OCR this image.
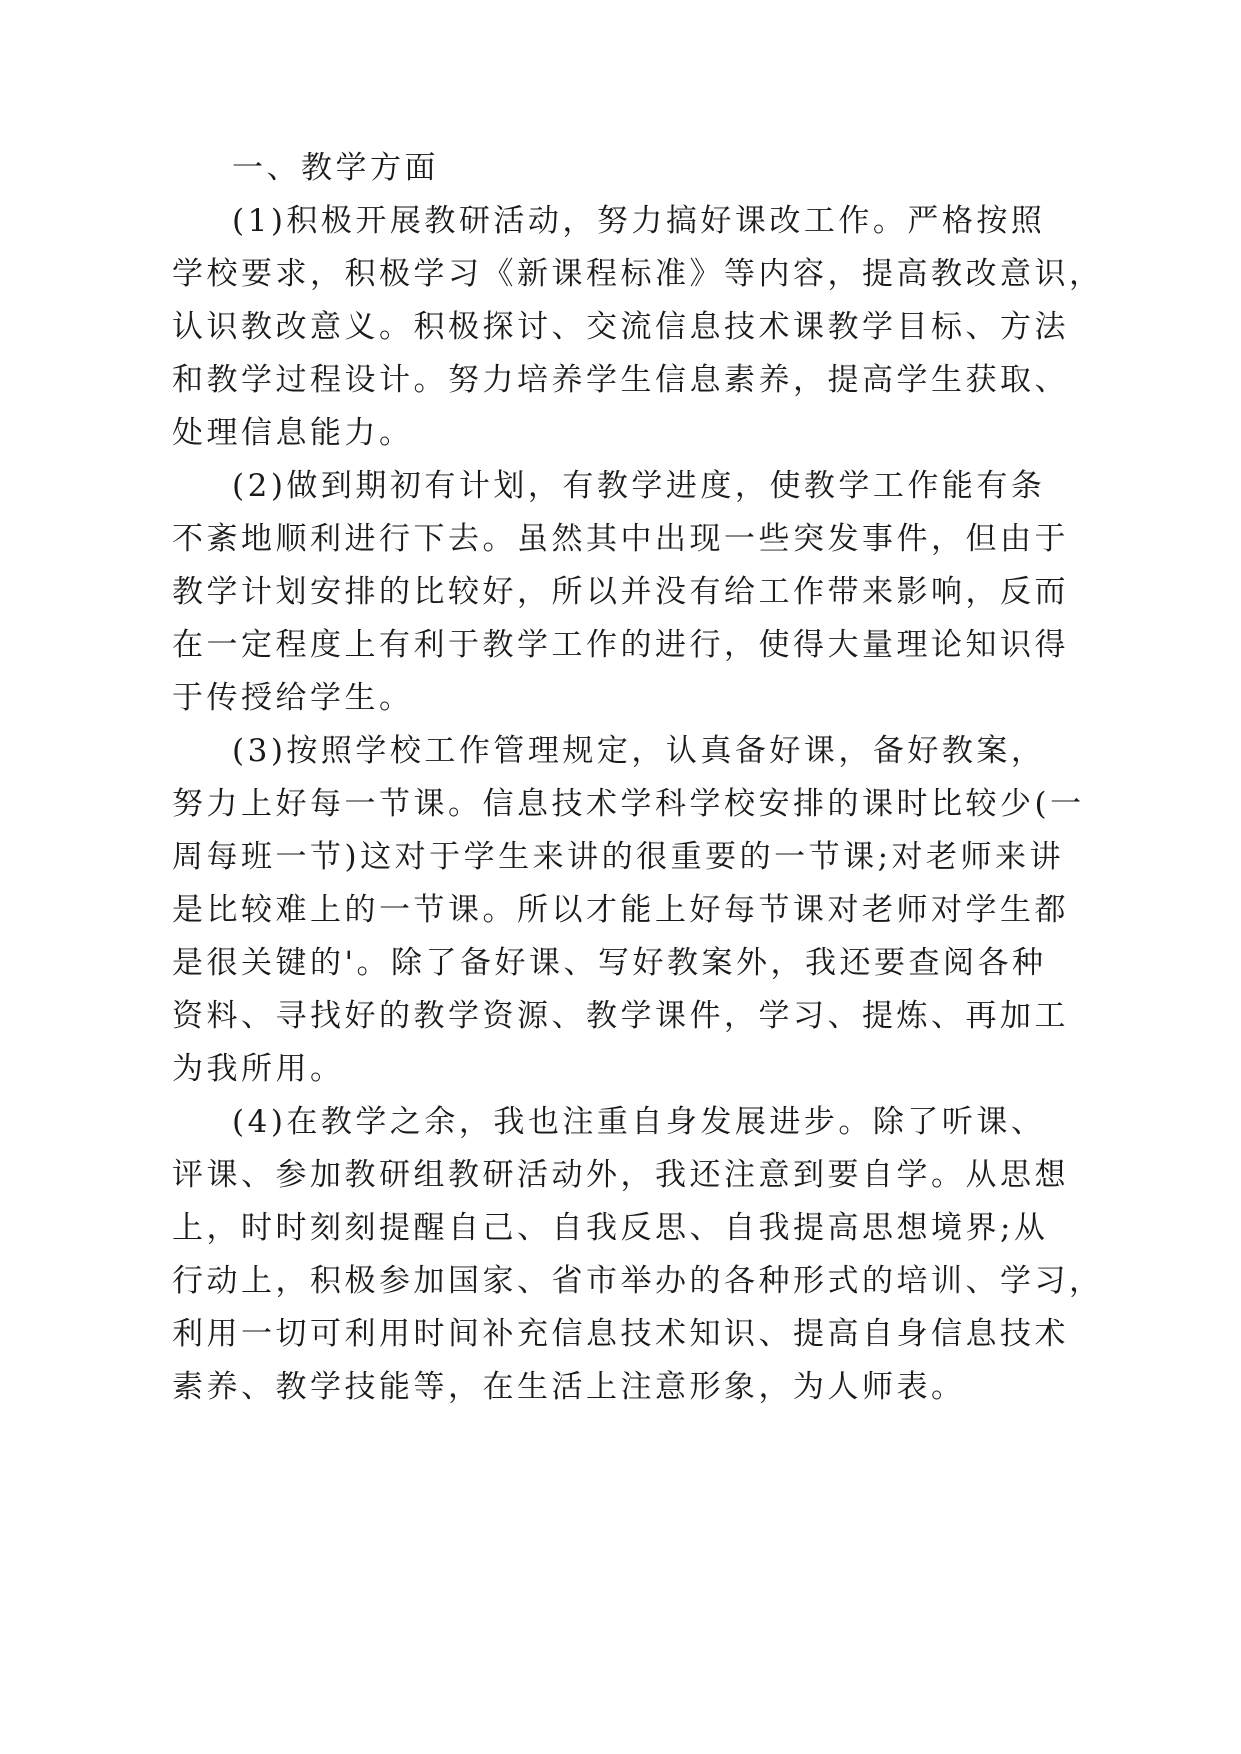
一、教学方面

(1)积极开展教研活动，努力搞好课改工作。严格按照

学校要求，积极学习《新课程标准》等内容，提高教改意识，

认识教改意义。积极探讨、交流信息技术课教学目标、方法

和教学过程设计。努力培养学生信息素养，提高学生获取、

处理信息能力。

(2)做到期初有计划，有教学进度，使教学工作能有条

不紊地顺利进行下去。虽然其中出现一些突发事件，但由于

教学计划安排的比较好，所以并没有给工作带来影响，反而

在一定程度上有利于教学工作的进行，使得大量理论知识得

于传授给学生。

(3)按照学校工作管理规定，认真备好课，备好教案，

努力上好每一节课。信息技术学科学校安排的课时比较少(一

周每班一节)这对于学生来讲的很重要的一节课;对老师来讲

是比较难上的一节课。所以才能上好每节课对老师对学生都

是很关键的'。除了备好课、写好教案外，我还要查阅各种

资料、寻找好的教学资源、教学课件，学习、提炼、再加工

为我所用。

(4)在教学之余，我也注重自身发展进步。除了听课、

评课、参加教研组教研活动外，我还注意到要自学。从思想

上，时时刻刻提醒自己、自我反思、自我提高思想境界;从

行动上，积极参加国家、省市举办的各种形式的培训、学习，

利用一切可利用时间补充信息技术知识、提高自身信息技术

素养、教学技能等，在生活上注意形象，为人师表。
